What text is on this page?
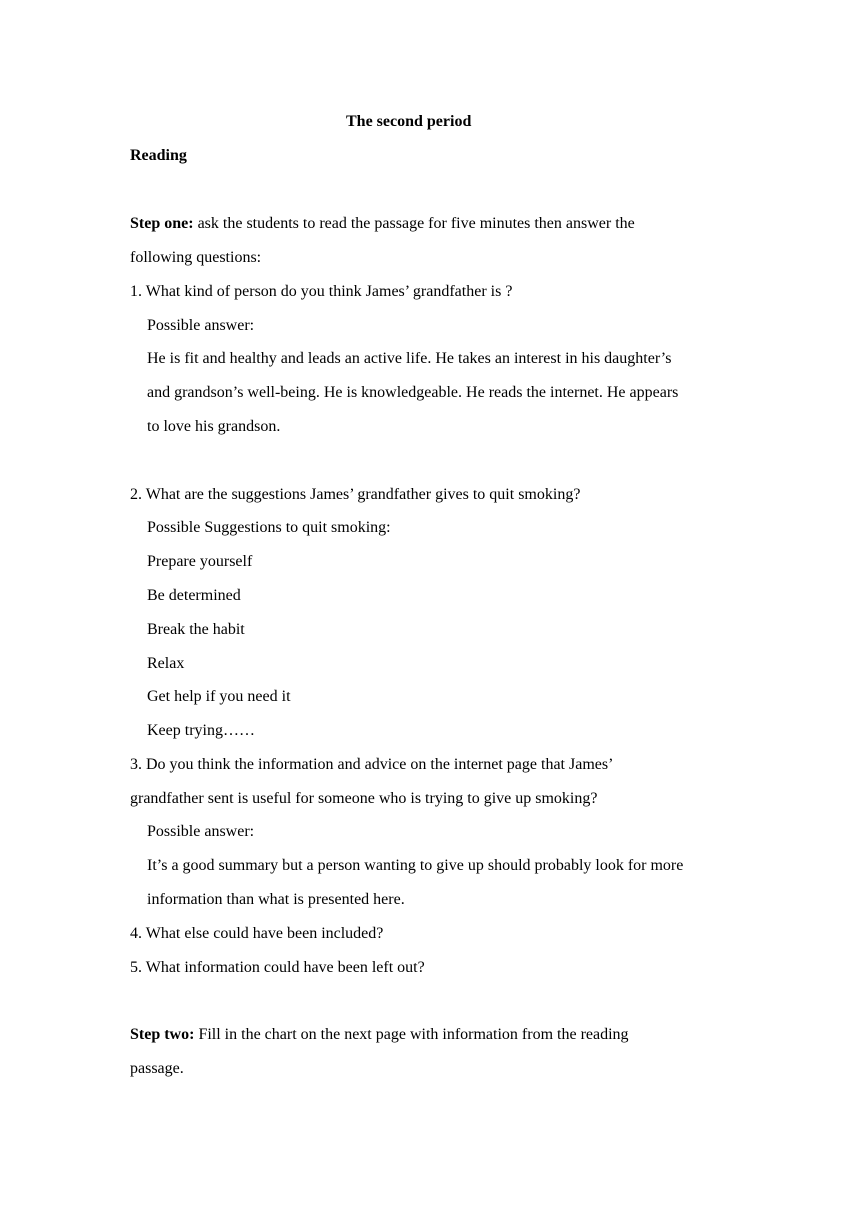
The second period
Reading
Step one: ask the students to read the passage for five minutes then answer the
following questions:
1. What kind of person do you think James’ grandfather is ?
Possible answer:
He is fit and healthy and leads an active life. He takes an interest in his daughter’s
and grandson’s well-being. He is knowledgeable. He reads the internet. He appears
to love his grandson.
2. What are the suggestions James’ grandfather gives to quit smoking?
Possible Suggestions to quit smoking:
Prepare yourself
Be determined
Break the habit
Relax
Get help if you need it
Keep trying……
3. Do you think the information and advice on the internet page that James’
grandfather sent is useful for someone who is trying to give up smoking?
Possible answer:
It’s a good summary but a person wanting to give up should probably look for more
information than what is presented here.
4. What else could have been included?
5. What information could have been left out?
Step two: Fill in the chart on the next page with information from the reading
passage.
